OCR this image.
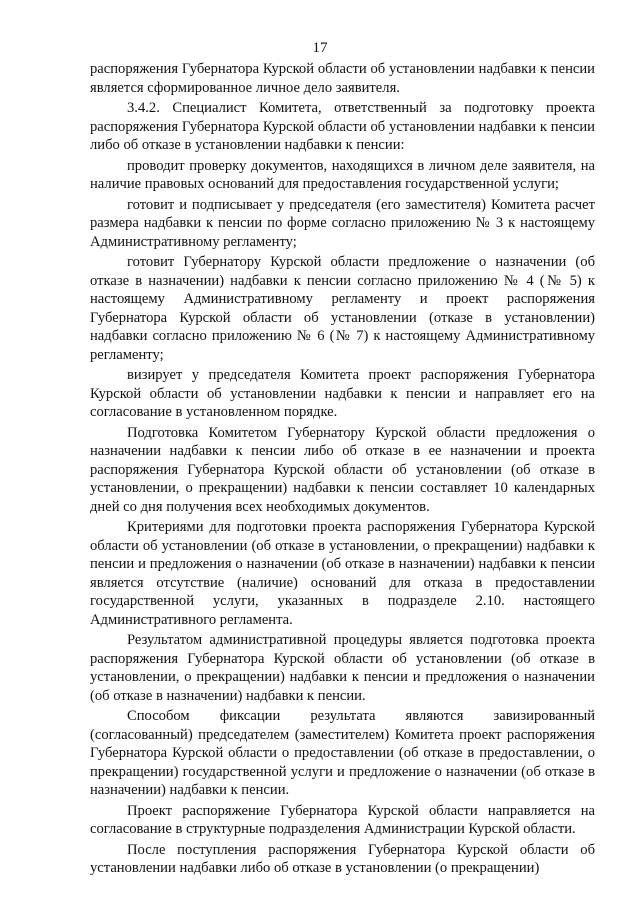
17

распоряжения Губернатора Курской области об установлении надбавки к пенсии является сформированное личное дело заявителя.

3.4.2. Специалист Комитета, ответственный за подготовку проекта распоряжения Губернатора Курской области об установлении надбавки к пенсии либо об отказе в установлении надбавки к пенсии:

проводит проверку документов, находящихся в личном деле заявителя, на наличие правовых оснований для предоставления государственной услуги;

готовит и подписывает у председателя (его заместителя) Комитета расчет размера надбавки к пенсии по форме согласно приложению № 3 к настоящему Административному регламенту;

готовит Губернатору Курской области предложение о назначении (об отказе в назначении) надбавки к пенсии согласно приложению № 4 (№ 5) к настоящему Административному регламенту и проект распоряжения Губернатора Курской области об установлении (отказе в установлении) надбавки согласно приложению № 6 (№ 7) к настоящему Административному регламенту;

визирует у председателя Комитета проект распоряжения Губернатора Курской области об установлении надбавки к пенсии и направляет его на согласование в установленном порядке.

Подготовка Комитетом Губернатору Курской области предложения о назначении надбавки к пенсии либо об отказе в ее назначении и проекта распоряжения Губернатора Курской области об установлении (об отказе в установлении, о прекращении) надбавки к пенсии составляет 10 календарных дней со дня получения всех необходимых документов.

Критериями для подготовки проекта распоряжения Губернатора Курской области об установлении (об отказе в установлении, о прекращении) надбавки к пенсии и предложения о назначении (об отказе в назначении) надбавки к пенсии является отсутствие (наличие) оснований для отказа в предоставлении государственной услуги, указанных в подразделе 2.10. настоящего Административного регламента.

Результатом административной процедуры является подготовка проекта распоряжения Губернатора Курской области об установлении (об отказе в установлении, о прекращении) надбавки к пенсии и предложения о назначении (об отказе в назначении) надбавки к пенсии.

Способом фиксации результата являются завизированный (согласованный) председателем (заместителем) Комитета проект распоряжения Губернатора Курской области о предоставлении (об отказе в предоставлении, о прекращении) государственной услуги и предложение о назначении (об отказе в назначении) надбавки к пенсии.

Проект распоряжение Губернатора Курской области направляется на согласование в структурные подразделения Администрации Курской области.

После поступления распоряжения Губернатора Курской области об установлении надбавки либо об отказе в установлении (о прекращении)
